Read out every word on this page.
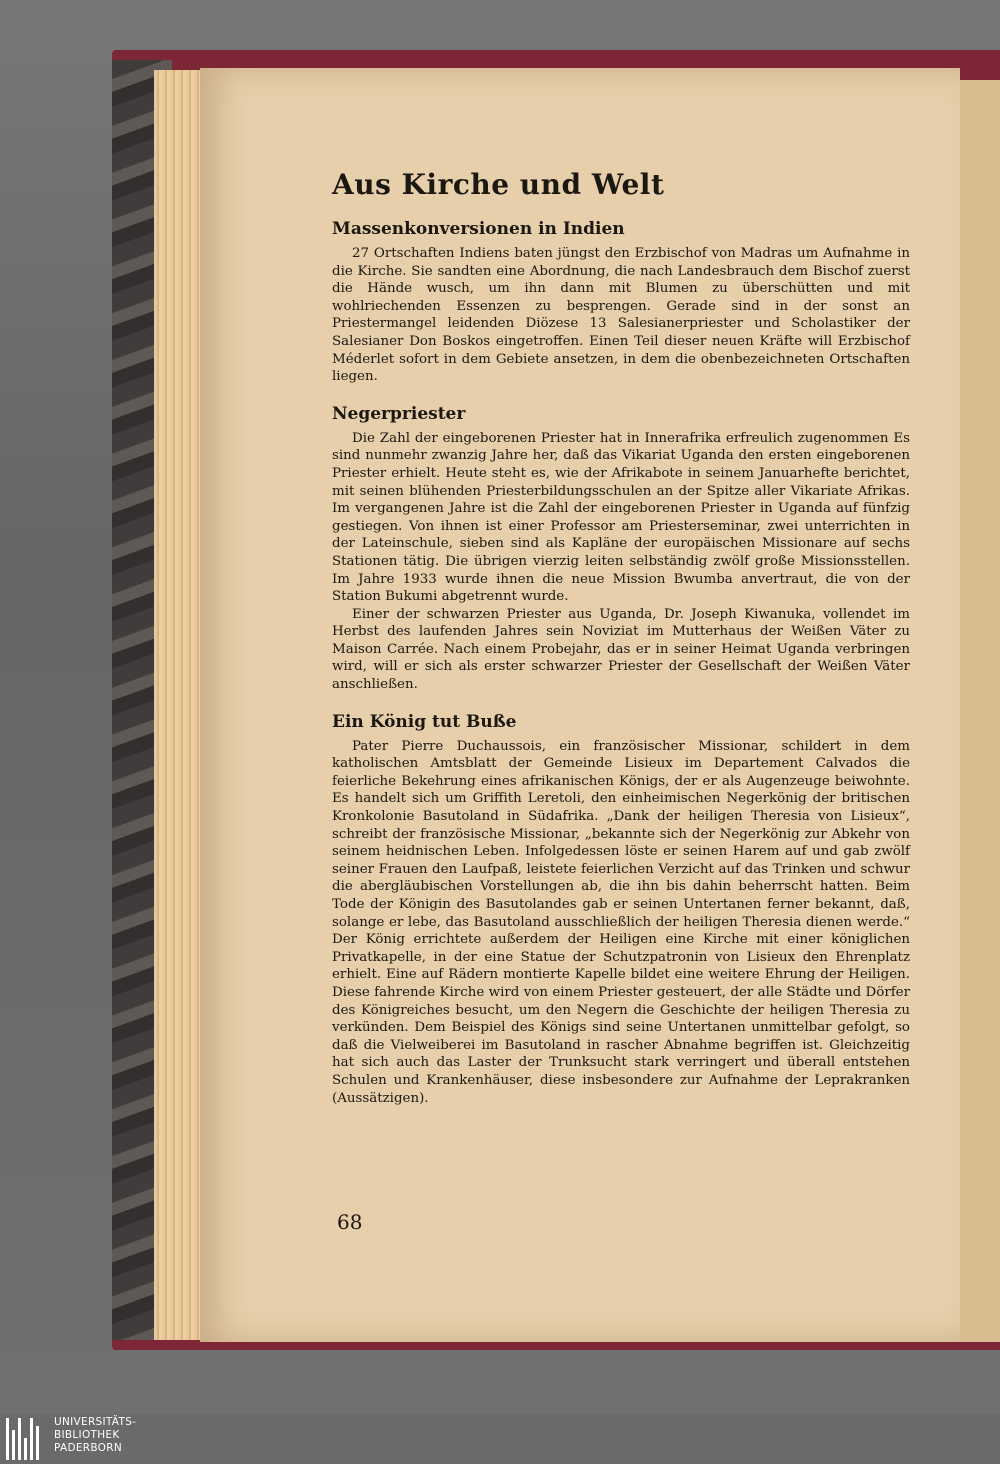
Aus Kirche und Welt
Massenkonversionen in Indien

27 Ortschaften Indiens baten jüngst den Erzbischof von Madras um Aufnahme in die Kirche. Sie sandten eine Abordnung, die nach Landesbrauch dem Bischof zuerst die Hände wusch, um ihn dann mit Blumen zu überschütten und mit wohlriechenden Essenzen zu besprengen. Gerade sind in der sonst an Priestermangel leidenden Diözese 13 Salesianerpriester und Scholastiker der Salesianer Don Boskos eingetroffen. Einen Teil dieser neuen Kräfte will Erzbischof Méderlet sofort in dem Gebiete ansetzen, in dem die obenbezeichneten Ortschaften liegen.

Negerpriester

Die Zahl der eingeborenen Priester hat in Innerafrika erfreulich zugenommen Es sind nunmehr zwanzig Jahre her, daß das Vikariat Uganda den ersten eingeborenen Priester erhielt. Heute steht es, wie der Afrikabote in seinem Januarhefte berichtet, mit seinen blühenden Priesterbildungsschulen an der Spitze aller Vikariate Afrikas. Im vergangenen Jahre ist die Zahl der eingeborenen Priester in Uganda auf fünfzig gestiegen. Von ihnen ist einer Professor am Priesterseminar, zwei unterrichten in der Lateinschule, sieben sind als Kapläne der europäischen Missionare auf sechs Stationen tätig. Die übrigen vierzig leiten selbständig zwölf große Missionsstellen. Im Jahre 1933 wurde ihnen die neue Mission Bwumba anvertraut, die von der Station Bukumi abgetrennt wurde.

Einer der schwarzen Priester aus Uganda, Dr. Joseph Kiwanuka, vollendet im Herbst des laufenden Jahres sein Noviziat im Mutterhaus der Weißen Väter zu Maison Carrée. Nach einem Probejahr, das er in seiner Heimat Uganda verbringen wird, will er sich als erster schwarzer Priester der Gesellschaft der Weißen Väter anschließen.

Ein König tut Buße

Pater Pierre Duchaussois, ein französischer Missionar, schildert in dem katholischen Amtsblatt der Gemeinde Lisieux im Departement Calvados die feierliche Bekehrung eines afrikanischen Königs, der er als Augenzeuge beiwohnte. Es handelt sich um Griffith Leretoli, den einheimischen Negerkönig der britischen Kronkolonie Basutoland in Südafrika. „Dank der heiligen Theresia von Lisieux“, schreibt der französische Missionar, „bekannte sich der Negerkönig zur Abkehr von seinem heidnischen Leben. Infolgedessen löste er seinen Harem auf und gab zwölf seiner Frauen den Laufpaß, leistete feierlichen Verzicht auf das Trinken und schwur die abergläubischen Vorstellungen ab, die ihn bis dahin beherrscht hatten. Beim Tode der Königin des Basutolandes gab er seinen Untertanen ferner bekannt, daß, solange er lebe, das Basutoland ausschließlich der heiligen Theresia dienen werde.“ Der König errichtete außerdem der Heiligen eine Kirche mit einer königlichen Privatkapelle, in der eine Statue der Schutzpatronin von Lisieux den Ehrenplatz erhielt. Eine auf Rädern montierte Kapelle bildet eine weitere Ehrung der Heiligen. Diese fahrende Kirche wird von einem Priester gesteuert, der alle Städte und Dörfer des Königreiches besucht, um den Negern die Geschichte der heiligen Theresia zu verkünden. Dem Beispiel des Königs sind seine Untertanen unmittelbar gefolgt, so daß die Vielweiberei im Basutoland in rascher Abnahme begriffen ist. Gleichzeitig hat sich auch das Laster der Trunksucht stark verringert und überall entstehen Schulen und Krankenhäuser, diese insbesondere zur Aufnahme der Leprakranken (Aussätzigen).

68
UNIVERSITÄTS-
BIBLIOTHEK
PADERBORN
